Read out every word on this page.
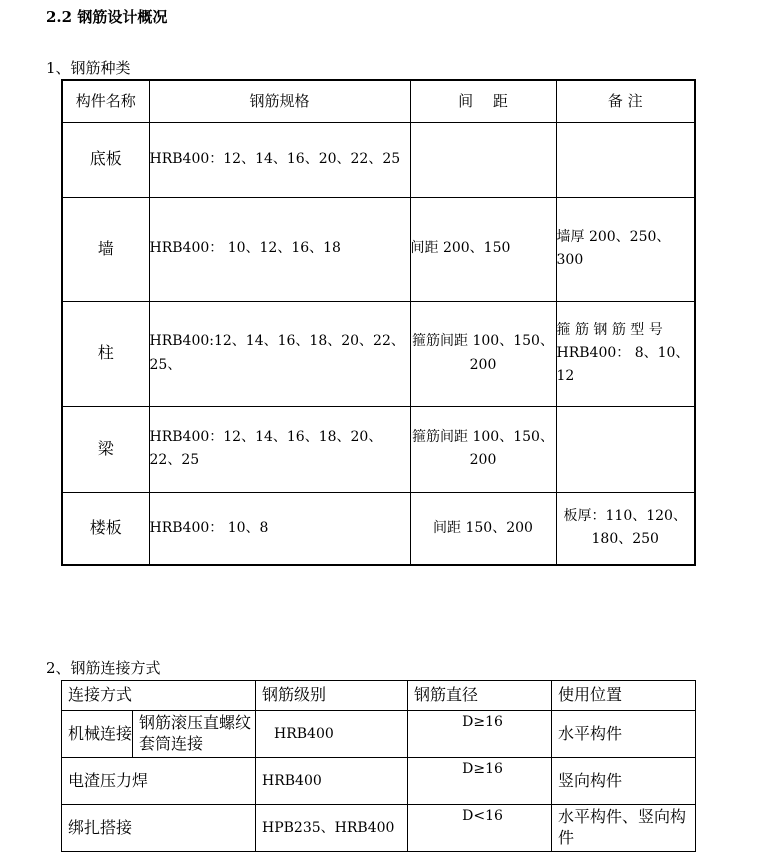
2.2 钢筋设计概况
1、钢筋种类
构件名称	钢筋规格	间　 距	备 注
底板	HRB400：12、14、16、20、22、25		
墙	HRB400： 10、12、16、18	间距 200、150	墙厚 200、250、300
柱	HRB400:12、14、16、18、20、22、25、	箍筋间距 100、150、200	箍 筋 钢 筋 型 号 HRB400： 8、10、12
梁	HRB400：12、14、16、18、20、22、25	箍筋间距 100、150、200	
楼板	HRB400： 10、8	间距 150、200	板厚：110、120、180、250
2、钢筋连接方式
连接方式		钢筋级别	钢筋直径	使用位置
机械连接	钢筋滚压直螺纹套筒连接	HRB400	D≥16	水平构件
电渣压力焊		HRB400	D≥16	竖向构件
绑扎搭接		HPB235、HRB400	D<16	水平构件、竖向构件
